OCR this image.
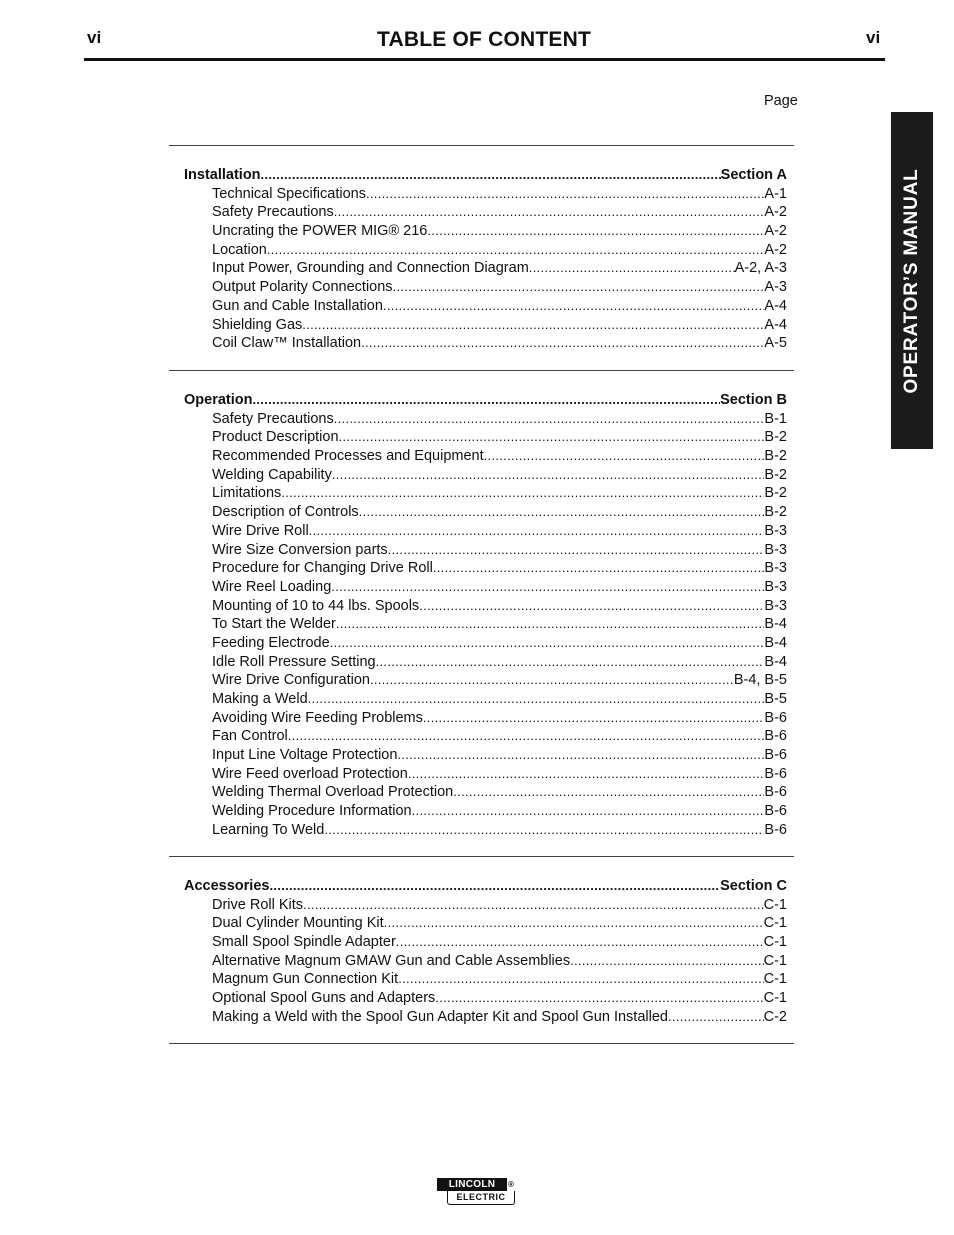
vi	TABLE OF CONTENT	vi
Page
OPERATOR’S MANUAL
Installation .....	Section A
Technical Specifications .....	A-1
Safety Precautions .....	A-2
Uncrating the POWER MIG® 216 .....	A-2
Location .....	A-2
Input Power, Grounding and Connection Diagram .....	A-2, A-3
Output Polarity Connections .....	A-3
Gun and Cable Installation .....	A-4
Shielding Gas .....	A-4
Coil Claw™ Installation .....	A-5
Operation .....	Section B
Safety Precautions .....	B-1
Product Description .....	B-2
Recommended Processes and Equipment .....	B-2
Welding Capability .....	B-2
Limitations .....	B-2
Description of Controls .....	B-2
Wire Drive Roll .....	B-3
Wire Size Conversion parts .....	B-3
Procedure for Changing Drive Roll .....	B-3
Wire Reel Loading .....	B-3
Mounting of 10 to 44 lbs. Spools .....	B-3
To Start the Welder .....	B-4
Feeding Electrode .....	B-4
Idle Roll Pressure Setting .....	B-4
Wire Drive Configuration .....	B-4, B-5
Making a Weld .....	B-5
Avoiding Wire Feeding Problems .....	B-6
Fan Control .....	B-6
Input Line Voltage Protection .....	B-6
Wire Feed overload Protection .....	B-6
Welding Thermal Overload Protection .....	B-6
Welding Procedure Information .....	B-6
Learning To Weld .....	B-6
Accessories .....	Section C
Drive Roll Kits .....	C-1
Dual Cylinder Mounting Kit .....	C-1
Small Spool Spindle Adapter .....	C-1
Alternative Magnum GMAW Gun and Cable Assemblies .....	C-1
Magnum Gun Connection Kit .....	C-1
Optional Spool Guns and Adapters .....	C-1
Making a Weld with the Spool Gun Adapter Kit and Spool Gun Installed .....	C-2
LINCOLN	®
ELECTRIC
